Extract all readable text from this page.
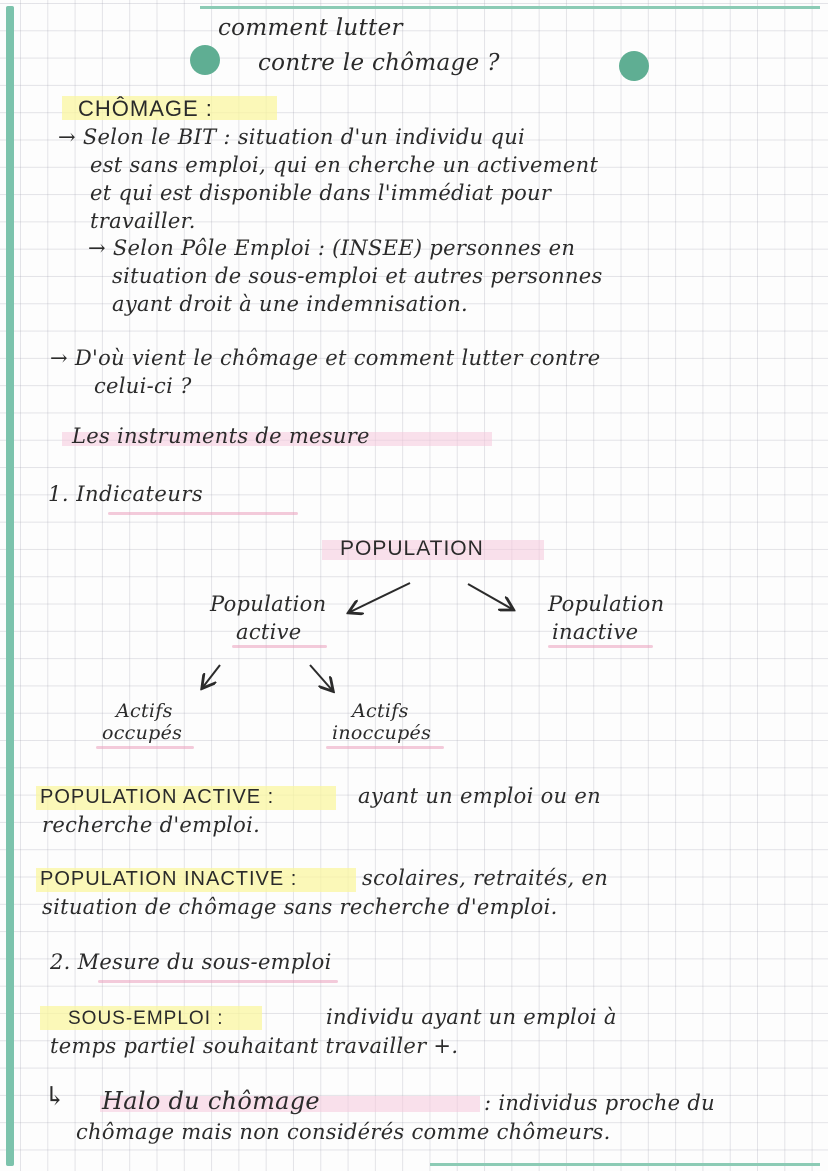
comment lutter
contre le chômage ?
CHÔMAGE :
→ Selon le BIT : situation d'un individu qui
est sans emploi, qui en cherche un activement
et qui est disponible dans l'immédiat pour
travailler.
→ Selon Pôle Emploi : (INSEE) personnes en
situation de sous-emploi et autres personnes
ayant droit à une indemnisation.
→ D'où vient le chômage et comment lutter contre
celui-ci ?
Les instruments de mesure
1. Indicateurs
POPULATION
Population
active
Population
inactive
Actifs
occupés
Actifs
inoccupés
POPULATION ACTIVE :	ayant un emploi ou en
recherche d'emploi.
POPULATION INACTIVE :	scolaires, retraités, en
situation de chômage sans recherche d'emploi.
2. Mesure du sous-emploi
SOUS-EMPLOI :	individu ayant un emploi à
temps partiel souhaitant travailler +.
↳ Halo du chômage	: individus proche du
chômage mais non considérés comme chômeurs.
